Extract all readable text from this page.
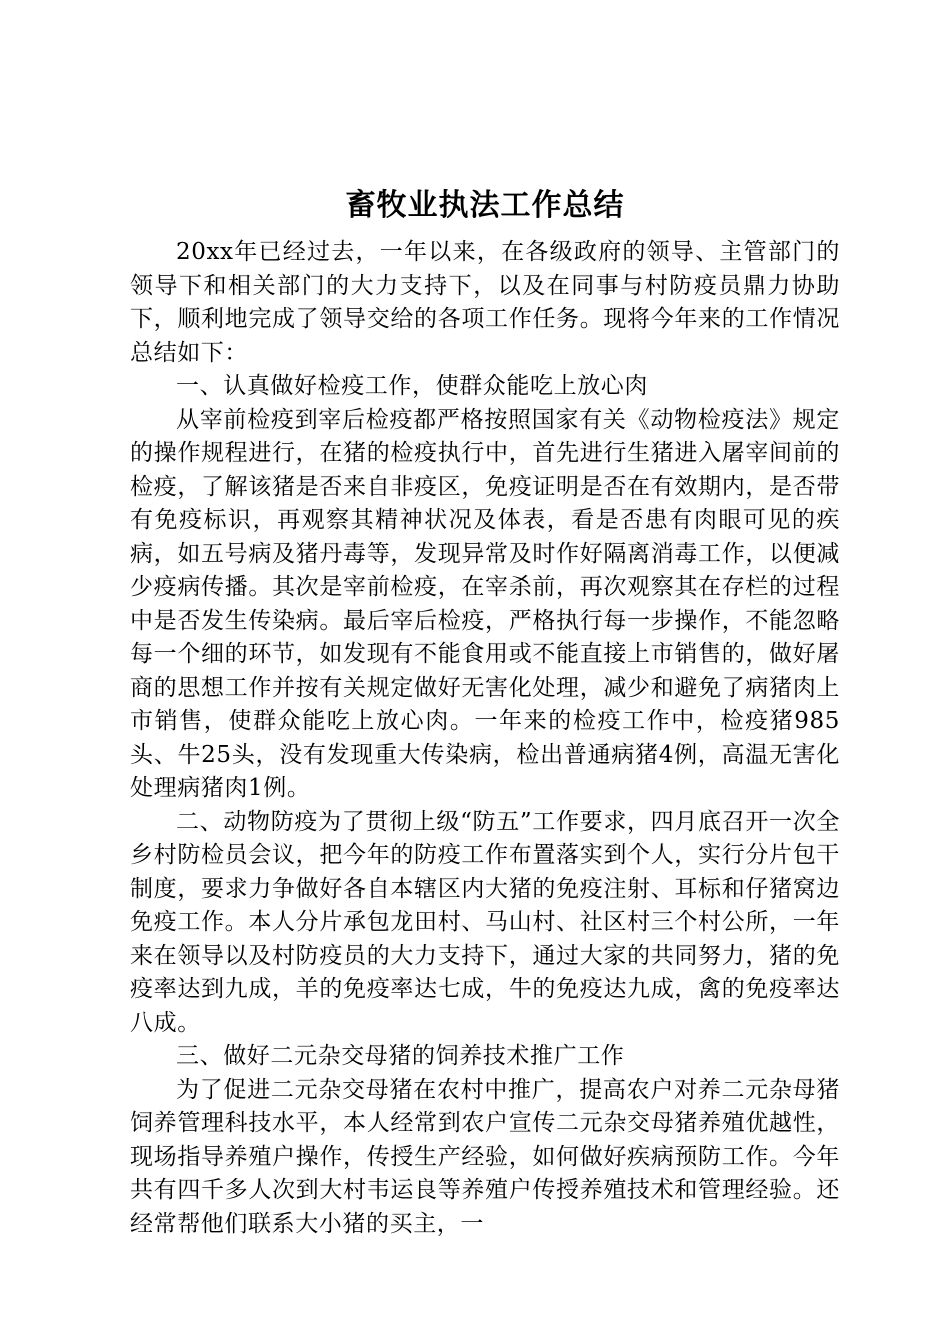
畜牧业执法工作总结

20xx年已经过去，一年以来，在各级政府的领导、主管部门的领导下和相关部门的大力支持下，以及在同事与村防疫员鼎力协助下，顺利地完成了领导交给的各项工作任务。现将今年来的工作情况总结如下：

一、认真做好检疫工作，使群众能吃上放心肉

从宰前检疫到宰后检疫都严格按照国家有关《动物检疫法》规定的操作规程进行，在猪的检疫执行中，首先进行生猪进入屠宰间前的检疫，了解该猪是否来自非疫区，免疫证明是否在有效期内，是否带有免疫标识，再观察其精神状况及体表，看是否患有肉眼可见的疾病，如五号病及猪丹毒等，发现异常及时作好隔离消毒工作，以便减少疫病传播。其次是宰前检疫，在宰杀前，再次观察其在存栏的过程中是否发生传染病。最后宰后检疫，严格执行每一步操作，不能忽略每一个细的环节，如发现有不能食用或不能直接上市销售的，做好屠商的思想工作并按有关规定做好无害化处理，减少和避免了病猪肉上市销售，使群众能吃上放心肉。一年来的检疫工作中，检疫猪985头、牛25头，没有发现重大传染病，检出普通病猪4例，高温无害化处理病猪肉1例。

二、动物防疫为了贯彻上级“防五”工作要求，四月底召开一次全乡村防检员会议，把今年的防疫工作布置落实到个人，实行分片包干制度，要求力争做好各自本辖区内大猪的免疫注射、耳标和仔猪窝边免疫工作。本人分片承包龙田村、马山村、社区村三个村公所，一年来在领导以及村防疫员的大力支持下，通过大家的共同努力，猪的免疫率达到九成，羊的免疫率达七成，牛的免疫达九成，禽的免疫率达八成。

三、做好二元杂交母猪的饲养技术推广工作

为了促进二元杂交母猪在农村中推广，提高农户对养二元杂母猪饲养管理科技水平，本人经常到农户宣传二元杂交母猪养殖优越性，现场指导养殖户操作，传授生产经验，如何做好疾病预防工作。今年共有四千多人次到大村韦运良等养殖户传授养殖技术和管理经验。还经常帮他们联系大小猪的买主，一
